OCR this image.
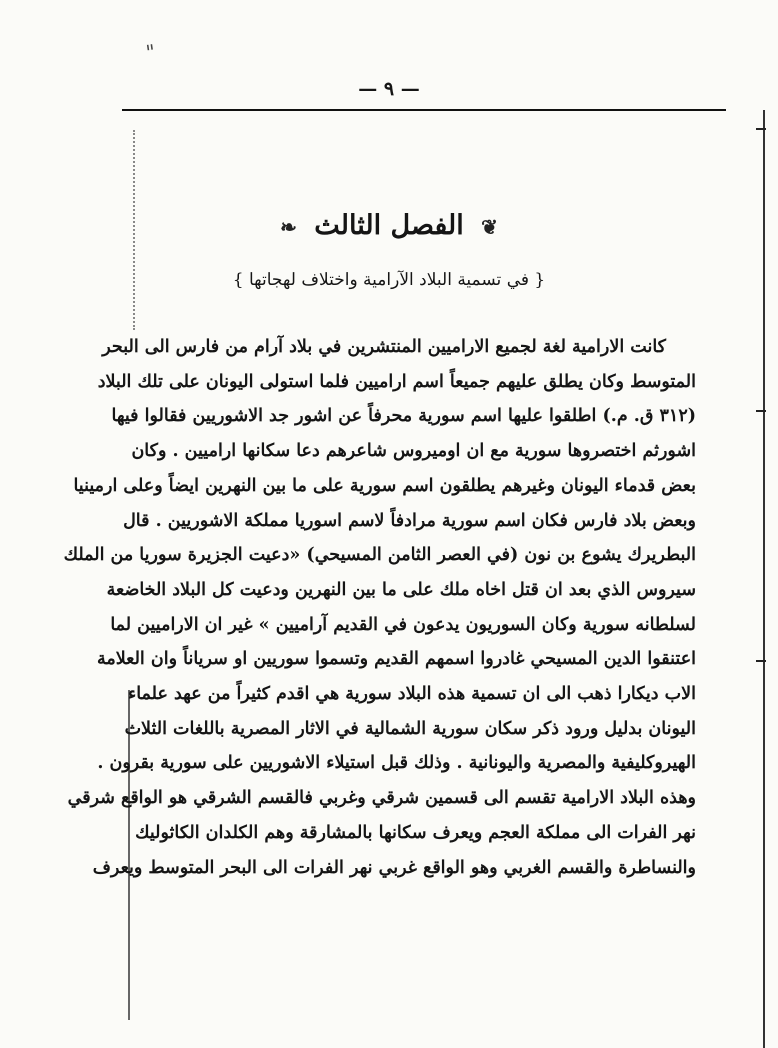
"
— ٩ —
❦ الفصل الثالث ❧
{ في تسمية البلاد الآرامية واختلاف لهجاتها }
كانت الارامية لغة لجميع الاراميين المنتشرين في بلاد آرام من فارس الى البحر
المتوسط وكان يطلق عليهم جميعاً اسم اراميين فلما استولى اليونان على تلك البلاد
(٣١٢ ق. م.) اطلقوا عليها اسم سورية محرفاً عن اشور جد الاشوريين فقالوا فيها
اشورثم اختصروها سورية مع ان اوميروس شاعرهم دعا سكانها اراميين . وكان
بعض قدماء اليونان وغيرهم يطلقون اسم سورية على ما بين النهرين ايضاً وعلى ارمينيا
وبعض بلاد فارس فكان اسم سورية مرادفاً لاسم اسوريا مملكة الاشوريين . قال
البطريرك يشوع بن نون (في العصر الثامن المسيحي) «دعيت الجزيرة سوريا من الملك
سيروس الذي بعد ان قتل اخاه ملك على ما بين النهرين ودعيت كل البلاد الخاضعة
لسلطانه سورية وكان السوريون يدعون في القديم آراميين » غير ان الاراميين لما
اعتنقوا الدين المسيحي غادروا اسمهم القديم وتسموا سوريين او سرياناً وان العلامة
الاب ديكارا ذهب الى ان تسمية هذه البلاد سورية هي اقدم كثيراً من عهد علماء
اليونان بدليل ورود ذكر سكان سورية الشمالية في الاثار المصرية باللغات الثلاث
الهيروكليفية والمصرية واليونانية . وذلك قبل استيلاء الاشوريين على سورية بقرون .
وهذه البلاد الارامية تقسم الى قسمين شرقي وغربي فالقسم الشرقي هو الواقع شرقي
نهر الفرات الى مملكة العجم ويعرف سكانها بالمشارقة وهم الكلدان الكاثوليك
والنساطرة والقسم الغربي وهو الواقع غربي نهر الفرات الى البحر المتوسط ويعرف
